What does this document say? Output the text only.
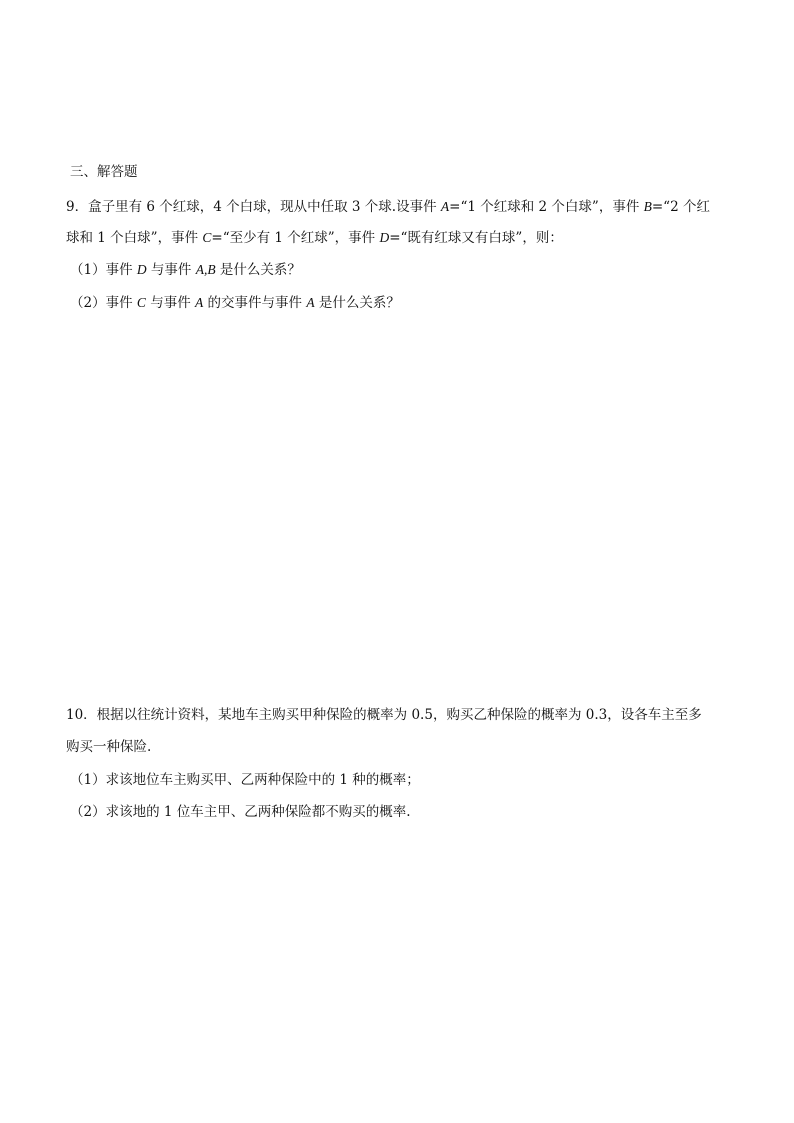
三、解答题
9．盒子里有 6 个红球，4 个白球，现从中任取 3 个球.设事件 A=“1 个红球和 2 个白球”，事件 B=“2 个红
球和 1 个白球”，事件 C=“至少有 1 个红球”，事件 D=“既有红球又有白球”，则：
（1）事件 D 与事件 A,B 是什么关系？
（2）事件 C 与事件 A 的交事件与事件 A 是什么关系？
10．根据以往统计资料，某地车主购买甲种保险的概率为 0.5，购买乙种保险的概率为 0.3，设各车主至多
购买一种保险.
（1）求该地位车主购买甲、乙两种保险中的 1 种的概率；
（2）求该地的 1 位车主甲、乙两种保险都不购买的概率.
